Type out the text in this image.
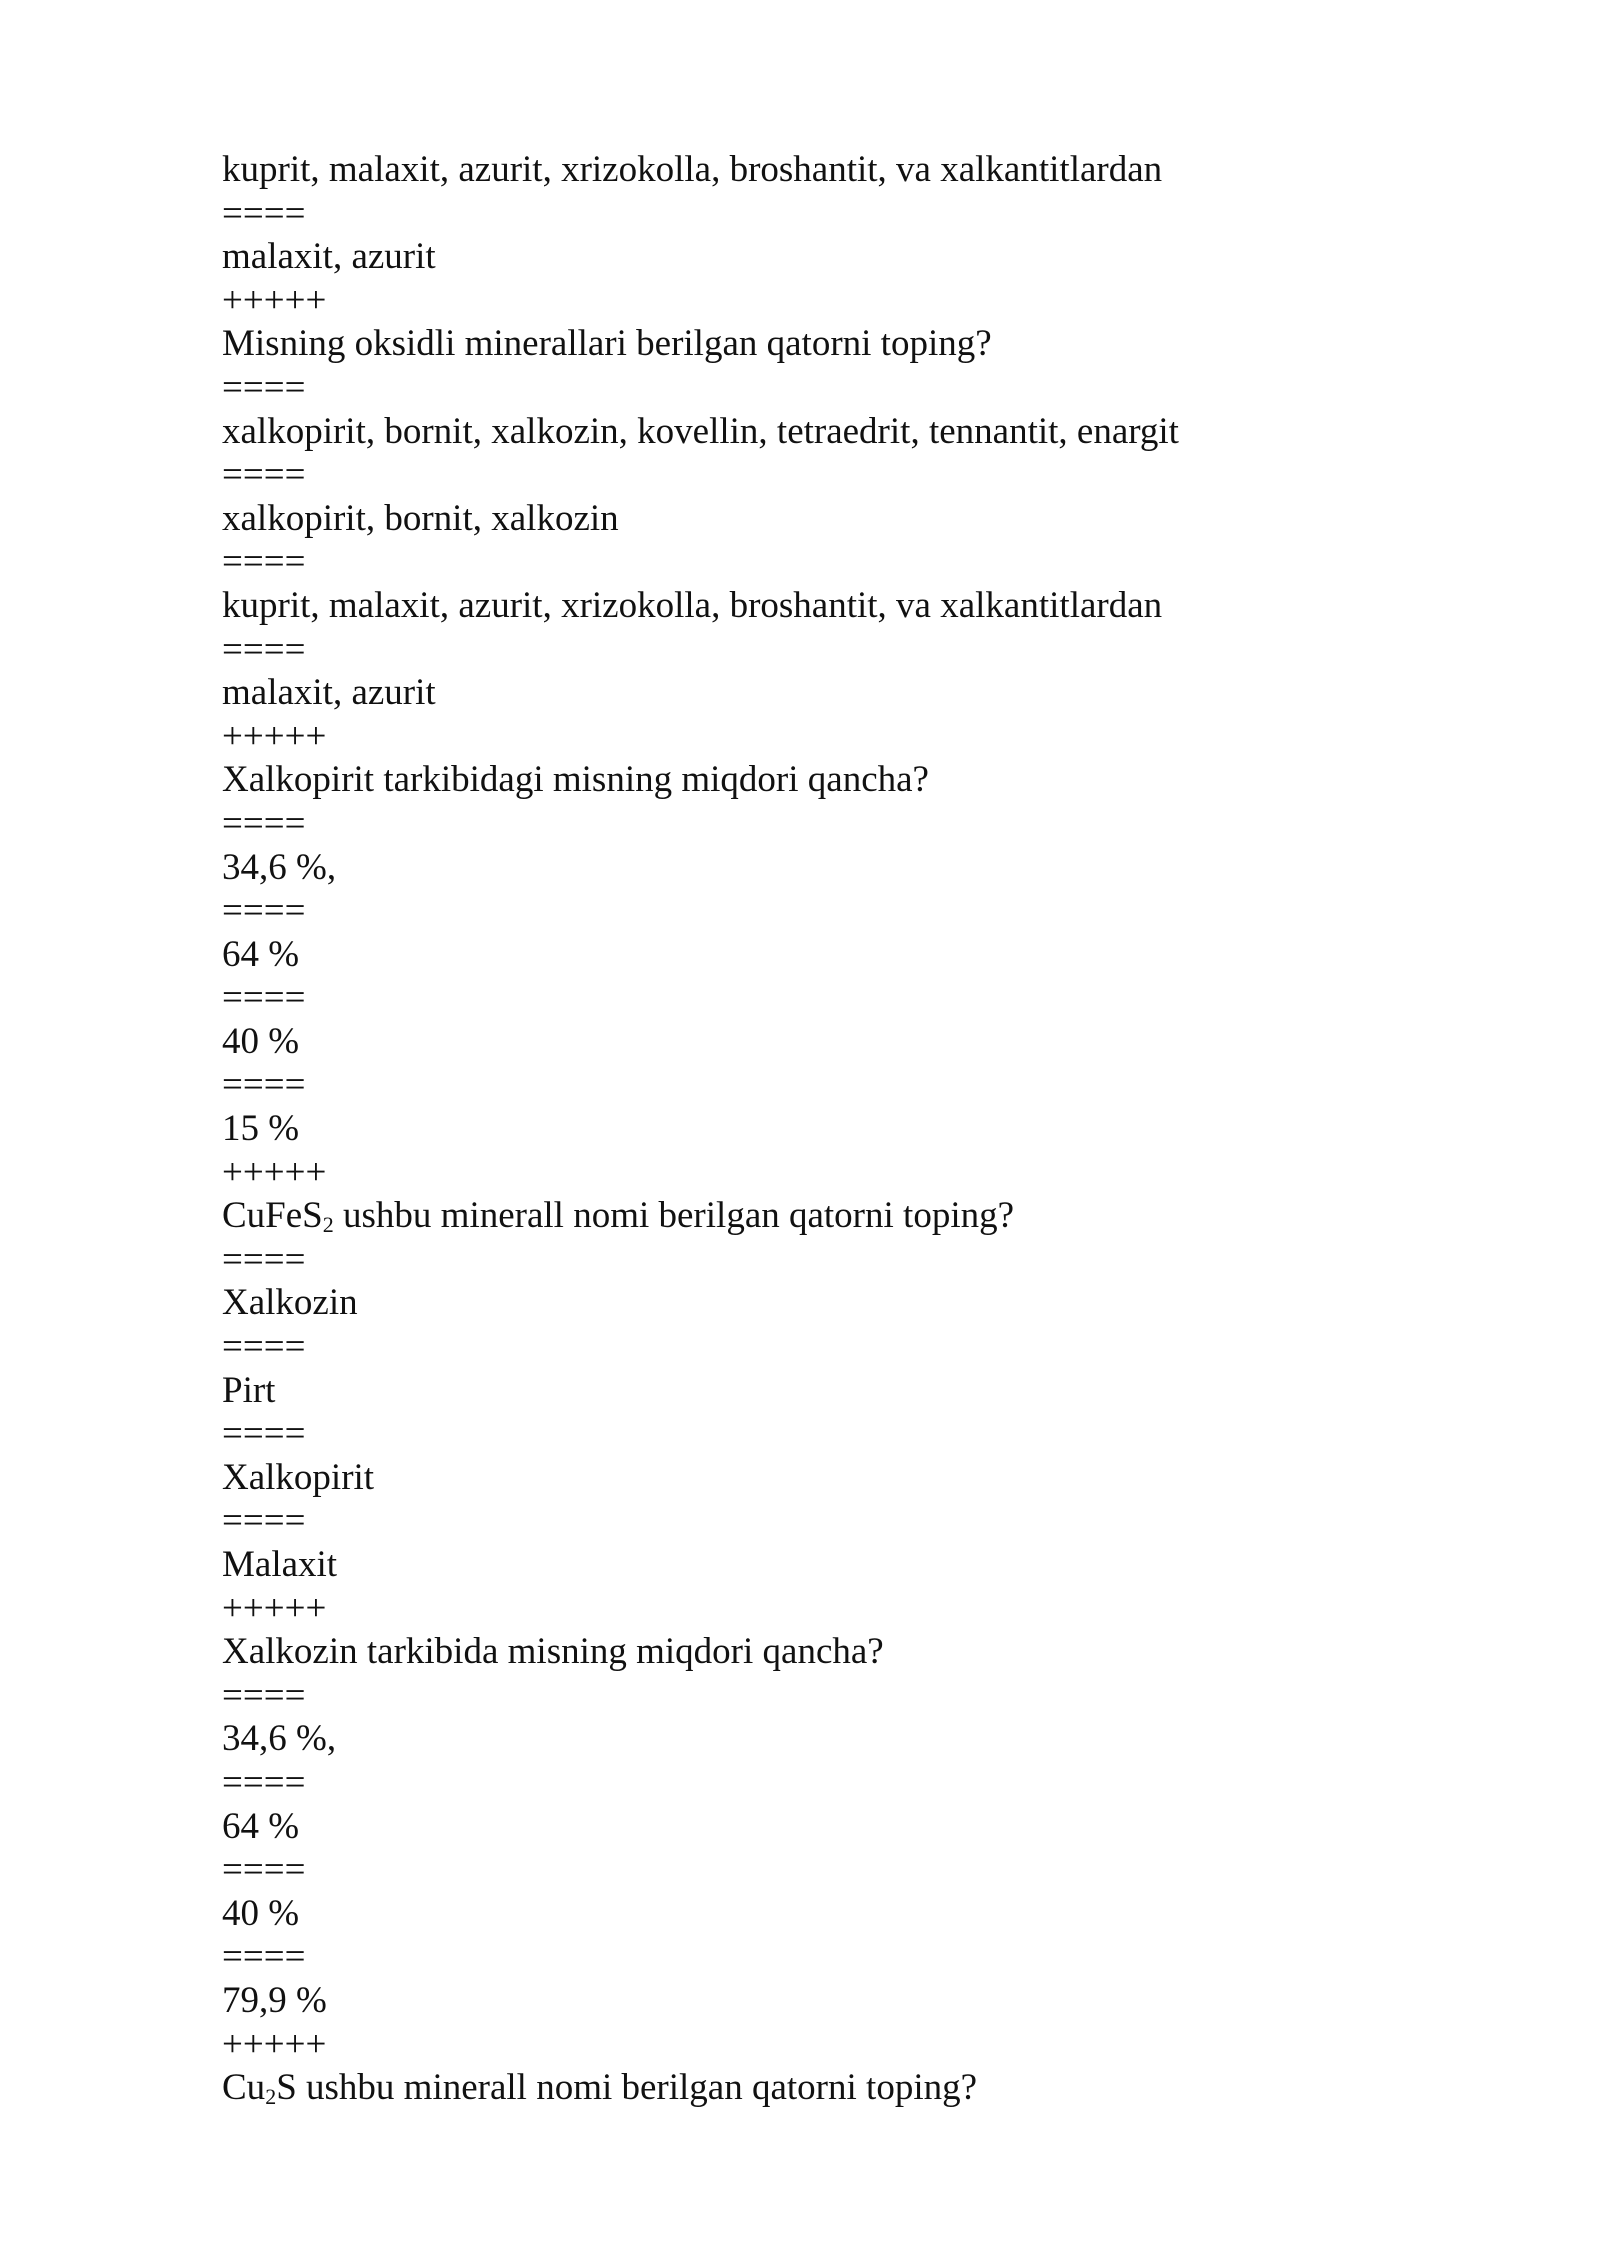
kuprit, malaxit, azurit, xrizokolla, broshantit, va xalkantitlardan
====
malaxit, azurit
+++++
Misning oksidli minerallari berilgan qatorni toping?
====
xalkopirit, bornit, xalkozin, kovellin, tetraedrit, tennantit, enargit
====
xalkopirit, bornit, xalkozin
====
kuprit, malaxit, azurit, xrizokolla, broshantit, va xalkantitlardan
====
malaxit, azurit
+++++
Xalkopirit tarkibidagi misning miqdori qancha?
====
34,6 %,
====
64 %
====
40 %
====
15 %
+++++
CuFeS$_2$ ushbu minerall nomi berilgan qatorni toping?
====
Xalkozin
====
Pirt
====
Xalkopirit
====
Malaxit
+++++
Xalkozin tarkibida misning miqdori qancha?
====
34,6 %,
====
64 %
====
40 %
====
79,9 %
+++++
$Cu_2S$ ushbu minerall nomi berilgan qatorni toping?
